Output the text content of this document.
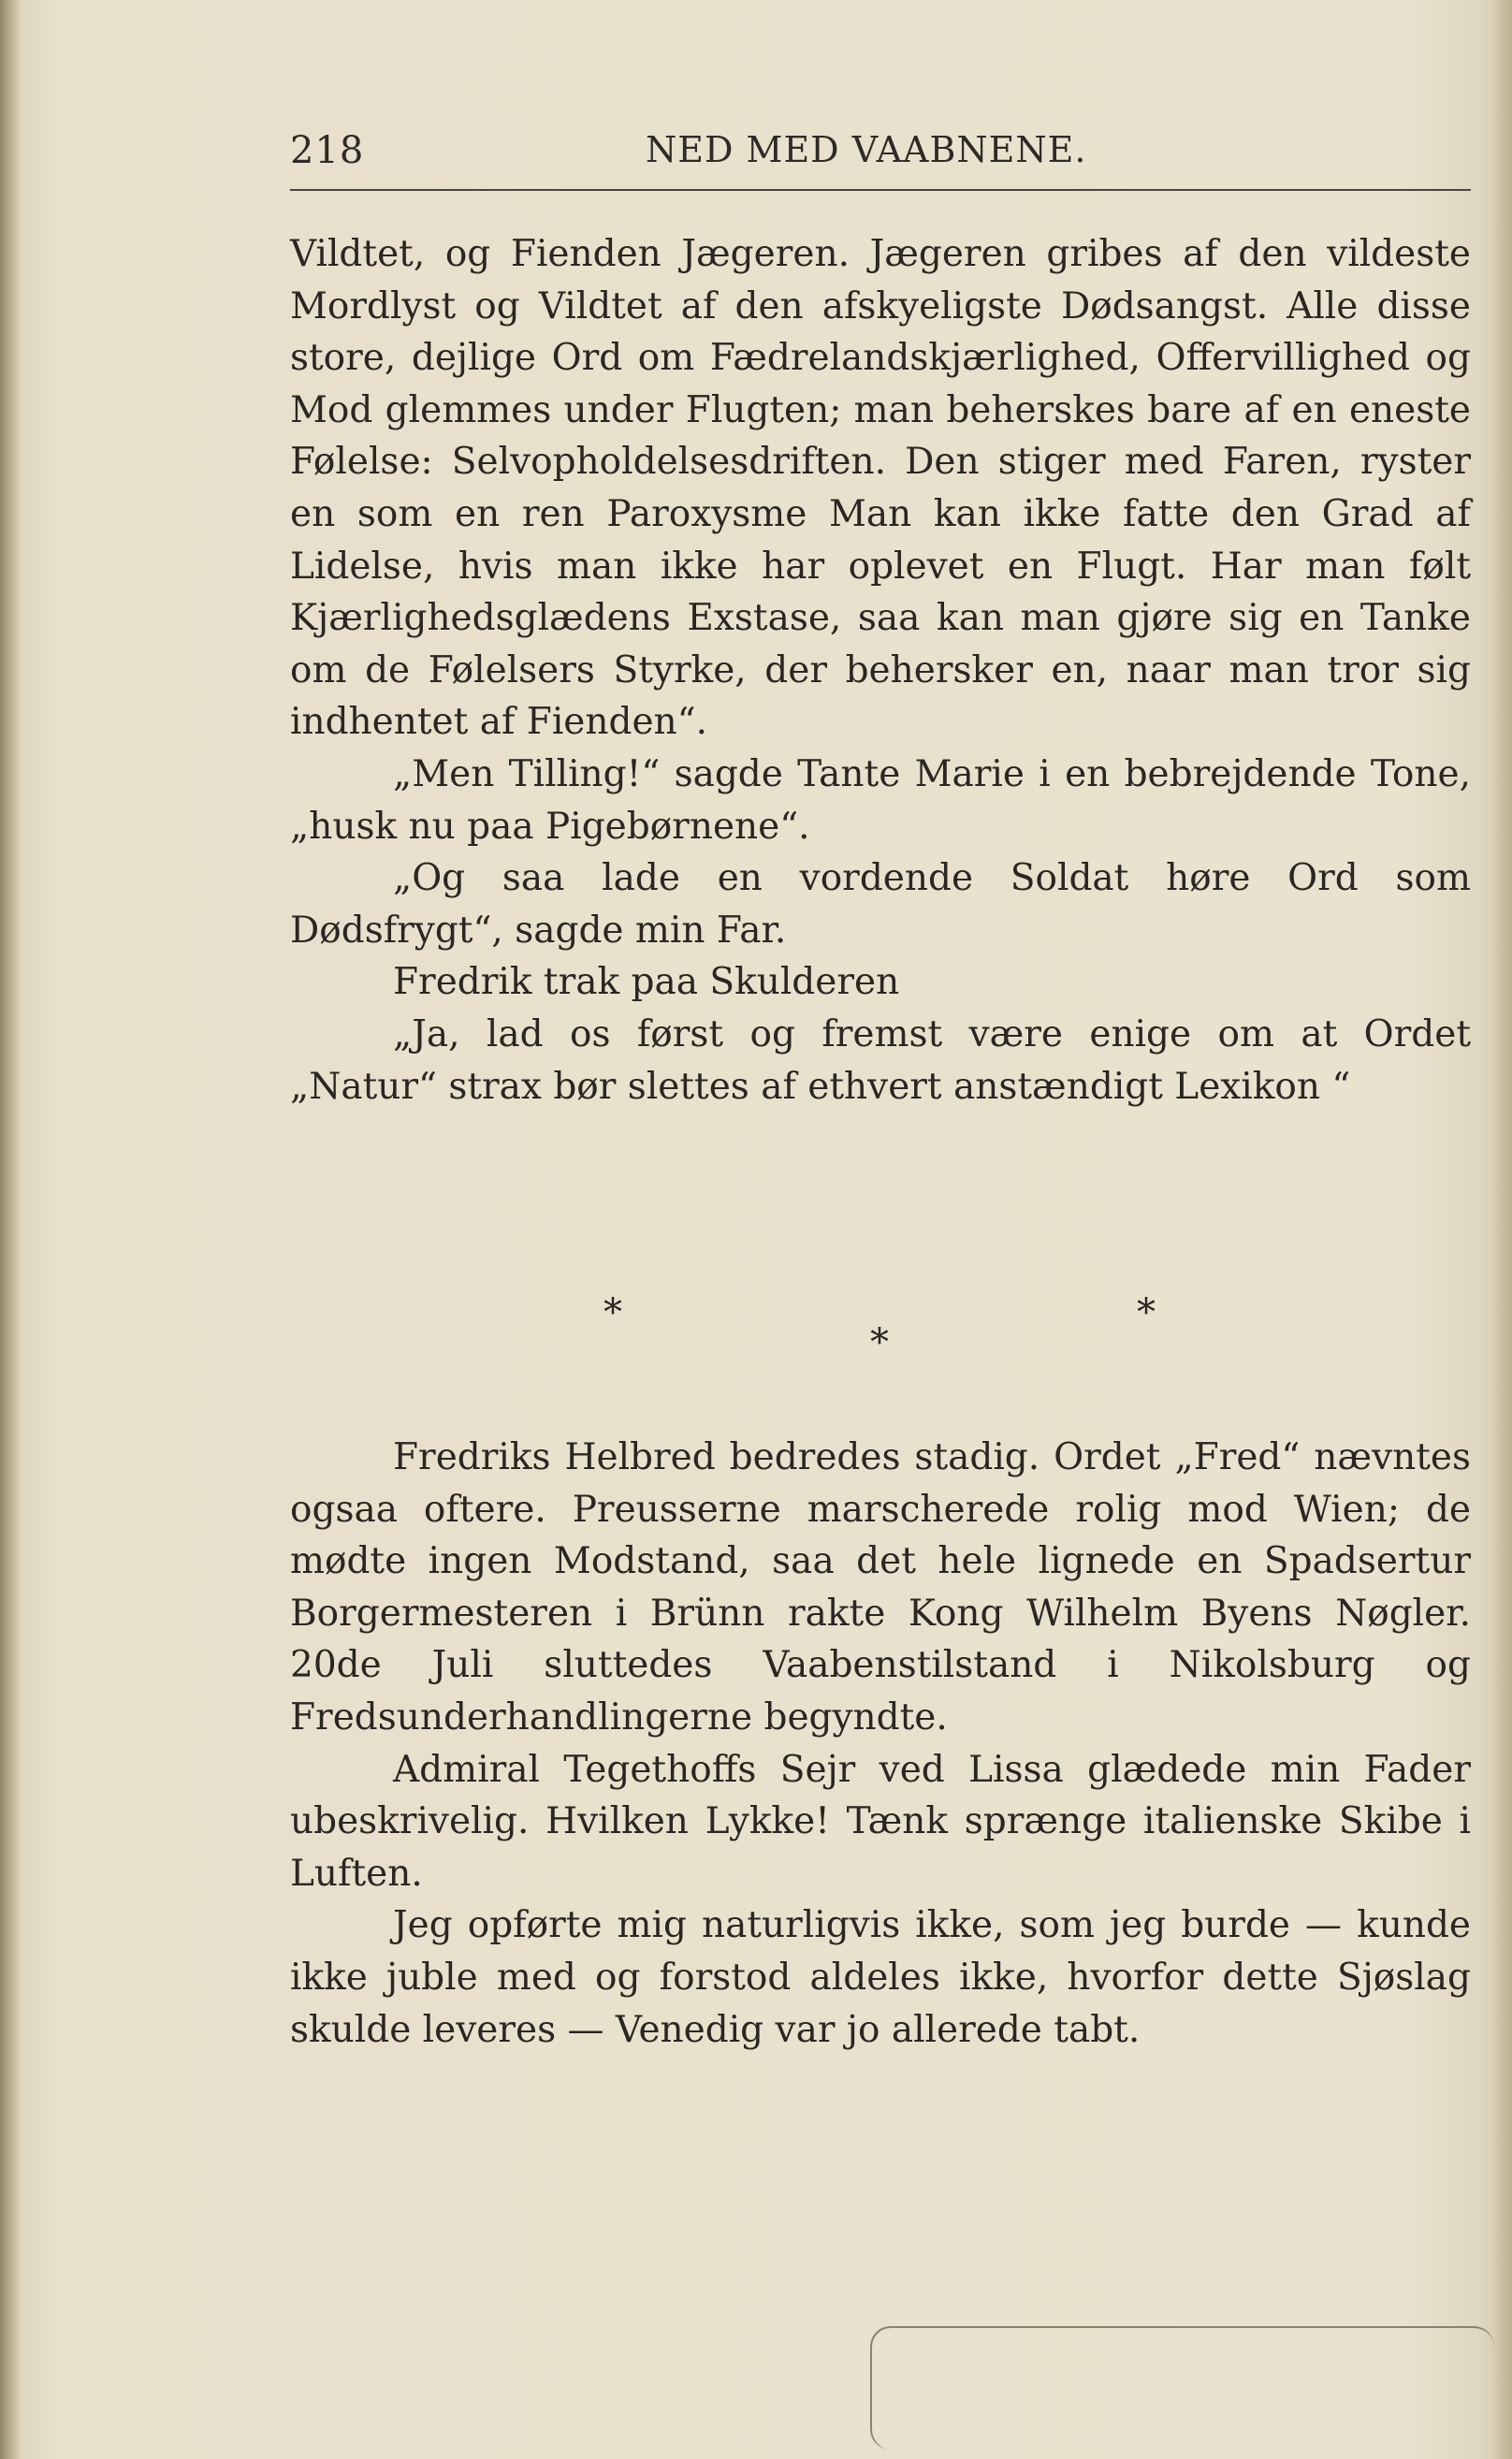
218	NED MED VAABNENE.

Vildtet, og Fienden Jægeren. Jægeren gribes af den vildeste Mordlyst og Vildtet af den afskyeligste Dødsangst. Alle disse store, dejlige Ord om Fædrelandskjærlighed, Offervillighed og Mod glemmes under Flugten; man beherskes bare af en eneste Følelse: Selvopholdelsesdriften. Den stiger med Faren, ryster en som en ren Paroxysme Man kan ikke fatte den Grad af Lidelse, hvis man ikke har oplevet en Flugt. Har man følt Kjærlighedsglædens Exstase, saa kan man gjøre sig en Tanke om de Følelsers Styrke, der behersker en, naar man tror sig indhentet af Fienden“.

„Men Tilling!“ sagde Tante Marie i en bebrejdende Tone, „husk nu paa Pigebørnene“.

„Og saa lade en vordende Soldat høre Ord som Dødsfrygt“, sagde min Far.

Fredrik trak paa Skulderen

„Ja, lad os først og fremst være enige om at Ordet „Natur“ strax bør slettes af ethvert anstændigt Lexikon “

*	*
*

Fredriks Helbred bedredes stadig. Ordet „Fred“ nævntes ogsaa oftere. Preusserne marscherede rolig mod Wien; de mødte ingen Modstand, saa det hele lignede en Spadsertur Borgermesteren i Brünn rakte Kong Wilhelm Byens Nøgler. 20de Juli sluttedes Vaabenstilstand i Nikolsburg og Fredsunderhandlingerne begyndte.

Admiral Tegethoffs Sejr ved Lissa glædede min Fader ubeskrivelig. Hvilken Lykke! Tænk sprænge italienske Skibe i Luften.

Jeg opførte mig naturligvis ikke, som jeg burde — kunde ikke juble med og forstod aldeles ikke, hvorfor dette Sjøslag skulde leveres — Venedig var jo allerede tabt.
